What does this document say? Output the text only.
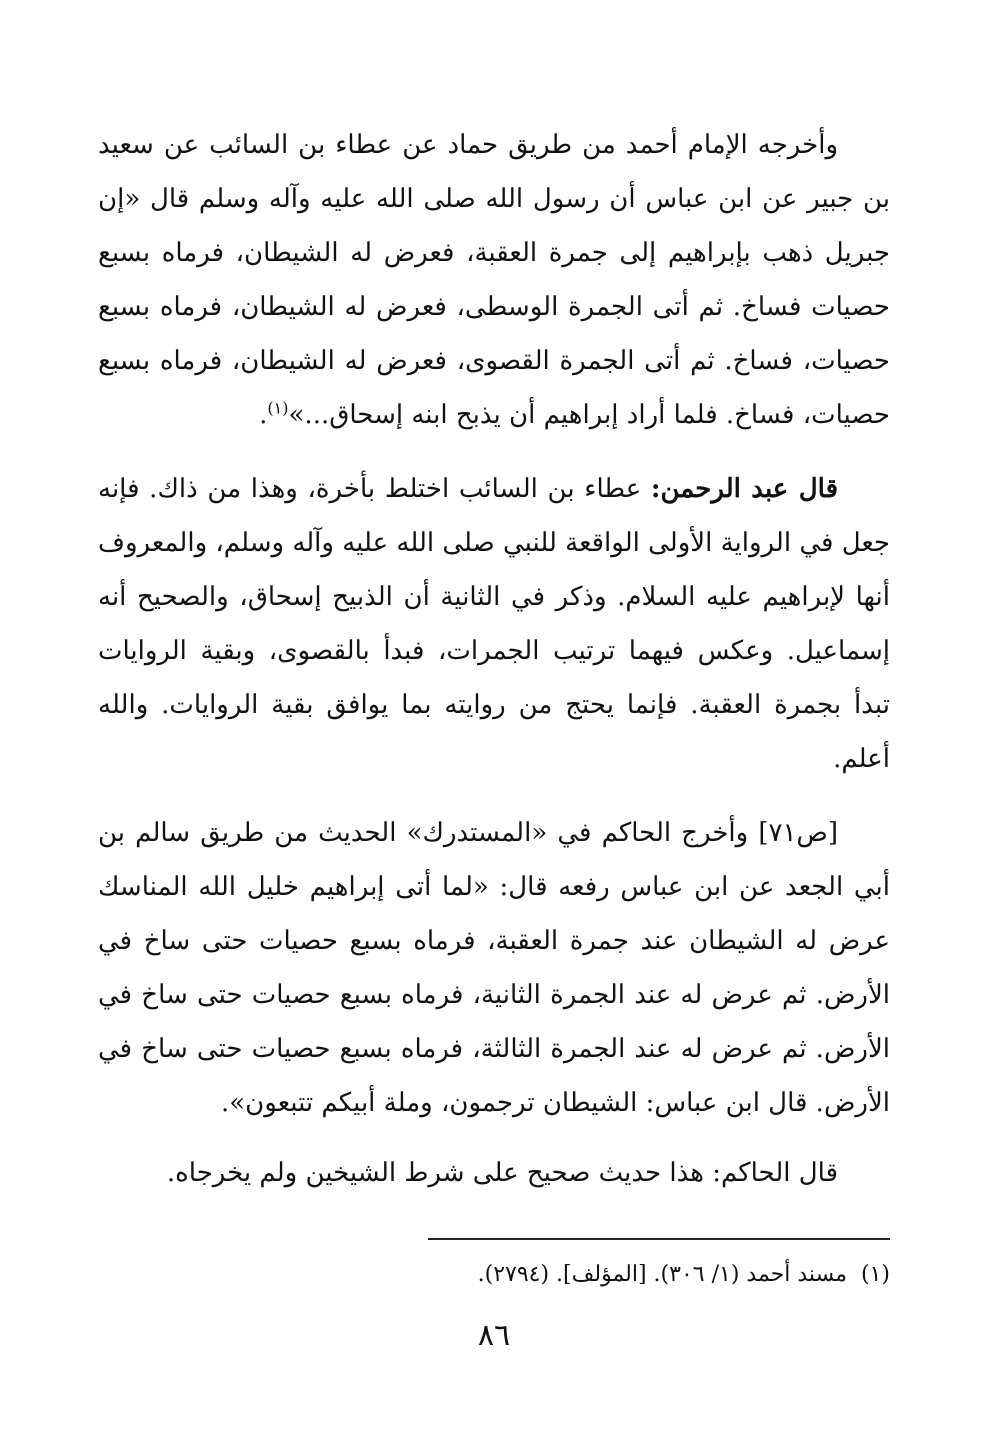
وأخرجه الإمام أحمد من طريق حماد عن عطاء بن السائب عن سعيد بن جبير عن ابن عباس أن رسول الله صلى الله عليه وآله وسلم قال «إن جبريل ذهب بإبراهيم إلى جمرة العقبة، فعرض له الشيطان، فرماه بسبع حصيات فساخ. ثم أتى الجمرة الوسطى، فعرض له الشيطان، فرماه بسبع حصيات، فساخ. ثم أتى الجمرة القصوى، فعرض له الشيطان، فرماه بسبع حصيات، فساخ. فلما أراد إبراهيم أن يذبح ابنه إسحاق...»$^{(١)}$.

قال عبد الرحمن: عطاء بن السائب اختلط بأخرة، وهذا من ذاك. فإنه جعل في الرواية الأولى الواقعة للنبي صلى الله عليه وآله وسلم، والمعروف أنها لإبراهيم عليه السلام. وذكر في الثانية أن الذبيح إسحاق، والصحيح أنه إسماعيل. وعكس فيهما ترتيب الجمرات، فبدأ بالقصوى، وبقية الروايات تبدأ بجمرة العقبة. فإنما يحتج من روايته بما يوافق بقية الروايات. والله أعلم.

[ص٧١] وأخرج الحاكم في «المستدرك» الحديث من طريق سالم بن أبي الجعد عن ابن عباس رفعه قال: «لما أتى إبراهيم خليل الله المناسك عرض له الشيطان عند جمرة العقبة، فرماه بسبع حصيات حتى ساخ في الأرض. ثم عرض له عند الجمرة الثانية، فرماه بسبع حصيات حتى ساخ في الأرض. ثم عرض له عند الجمرة الثالثة، فرماه بسبع حصيات حتى ساخ في الأرض. قال ابن عباس: الشيطان ترجمون، وملة أبيكم تتبعون».

قال الحاكم: هذا حديث صحيح على شرط الشيخين ولم يخرجاه.

(١)مسند أحمد (١/ ٣٠٦). [المؤلف]. (٢٧٩٤).
٨٦
